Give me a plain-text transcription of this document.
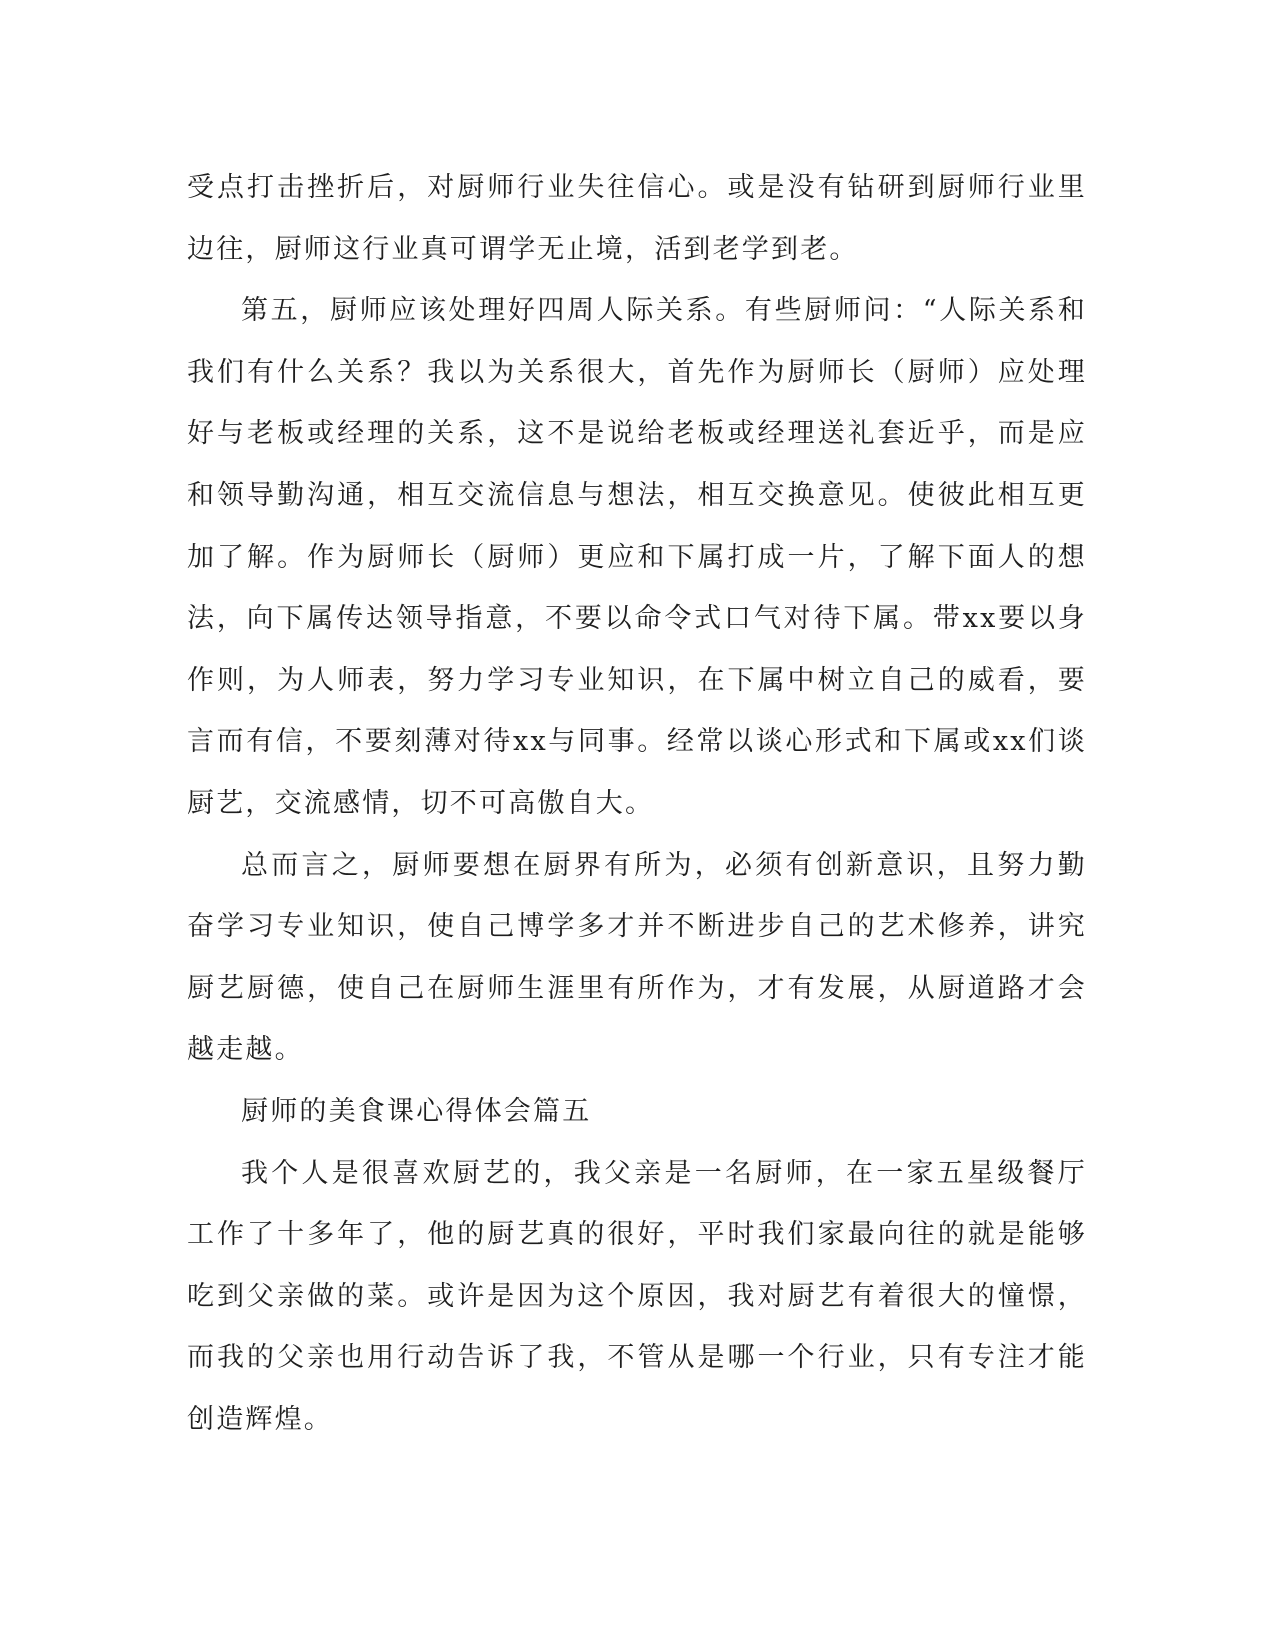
受点打击挫折后，对厨师行业失往信心。或是没有钻研到厨师行业里边往，厨师这行业真可谓学无止境，活到老学到老。

第五，厨师应该处理好四周人际关系。有些厨师问：“人际关系和我们有什么关系？我以为关系很大，首先作为厨师长（厨师）应处理好与老板或经理的关系，这不是说给老板或经理送礼套近乎，而是应和领导勤沟通，相互交流信息与想法，相互交换意见。使彼此相互更加了解。作为厨师长（厨师）更应和下属打成一片，了解下面人的想法，向下属传达领导指意，不要以命令式口气对待下属。带xx要以身作则，为人师表，努力学习专业知识，在下属中树立自己的威看，要言而有信，不要刻薄对待xx与同事。经常以谈心形式和下属或xx们谈厨艺，交流感情，切不可高傲自大。

总而言之，厨师要想在厨界有所为，必须有创新意识，且努力勤奋学习专业知识，使自己博学多才并不断进步自己的艺术修养，讲究厨艺厨德，使自己在厨师生涯里有所作为，才有发展，从厨道路才会越走越。

厨师的美食课心得体会篇五

我个人是很喜欢厨艺的，我父亲是一名厨师，在一家五星级餐厅工作了十多年了，他的厨艺真的很好，平时我们家最向往的就是能够吃到父亲做的菜。或许是因为这个原因，我对厨艺有着很大的憧憬，而我的父亲也用行动告诉了我，不管从是哪一个行业，只有专注才能创造辉煌。
